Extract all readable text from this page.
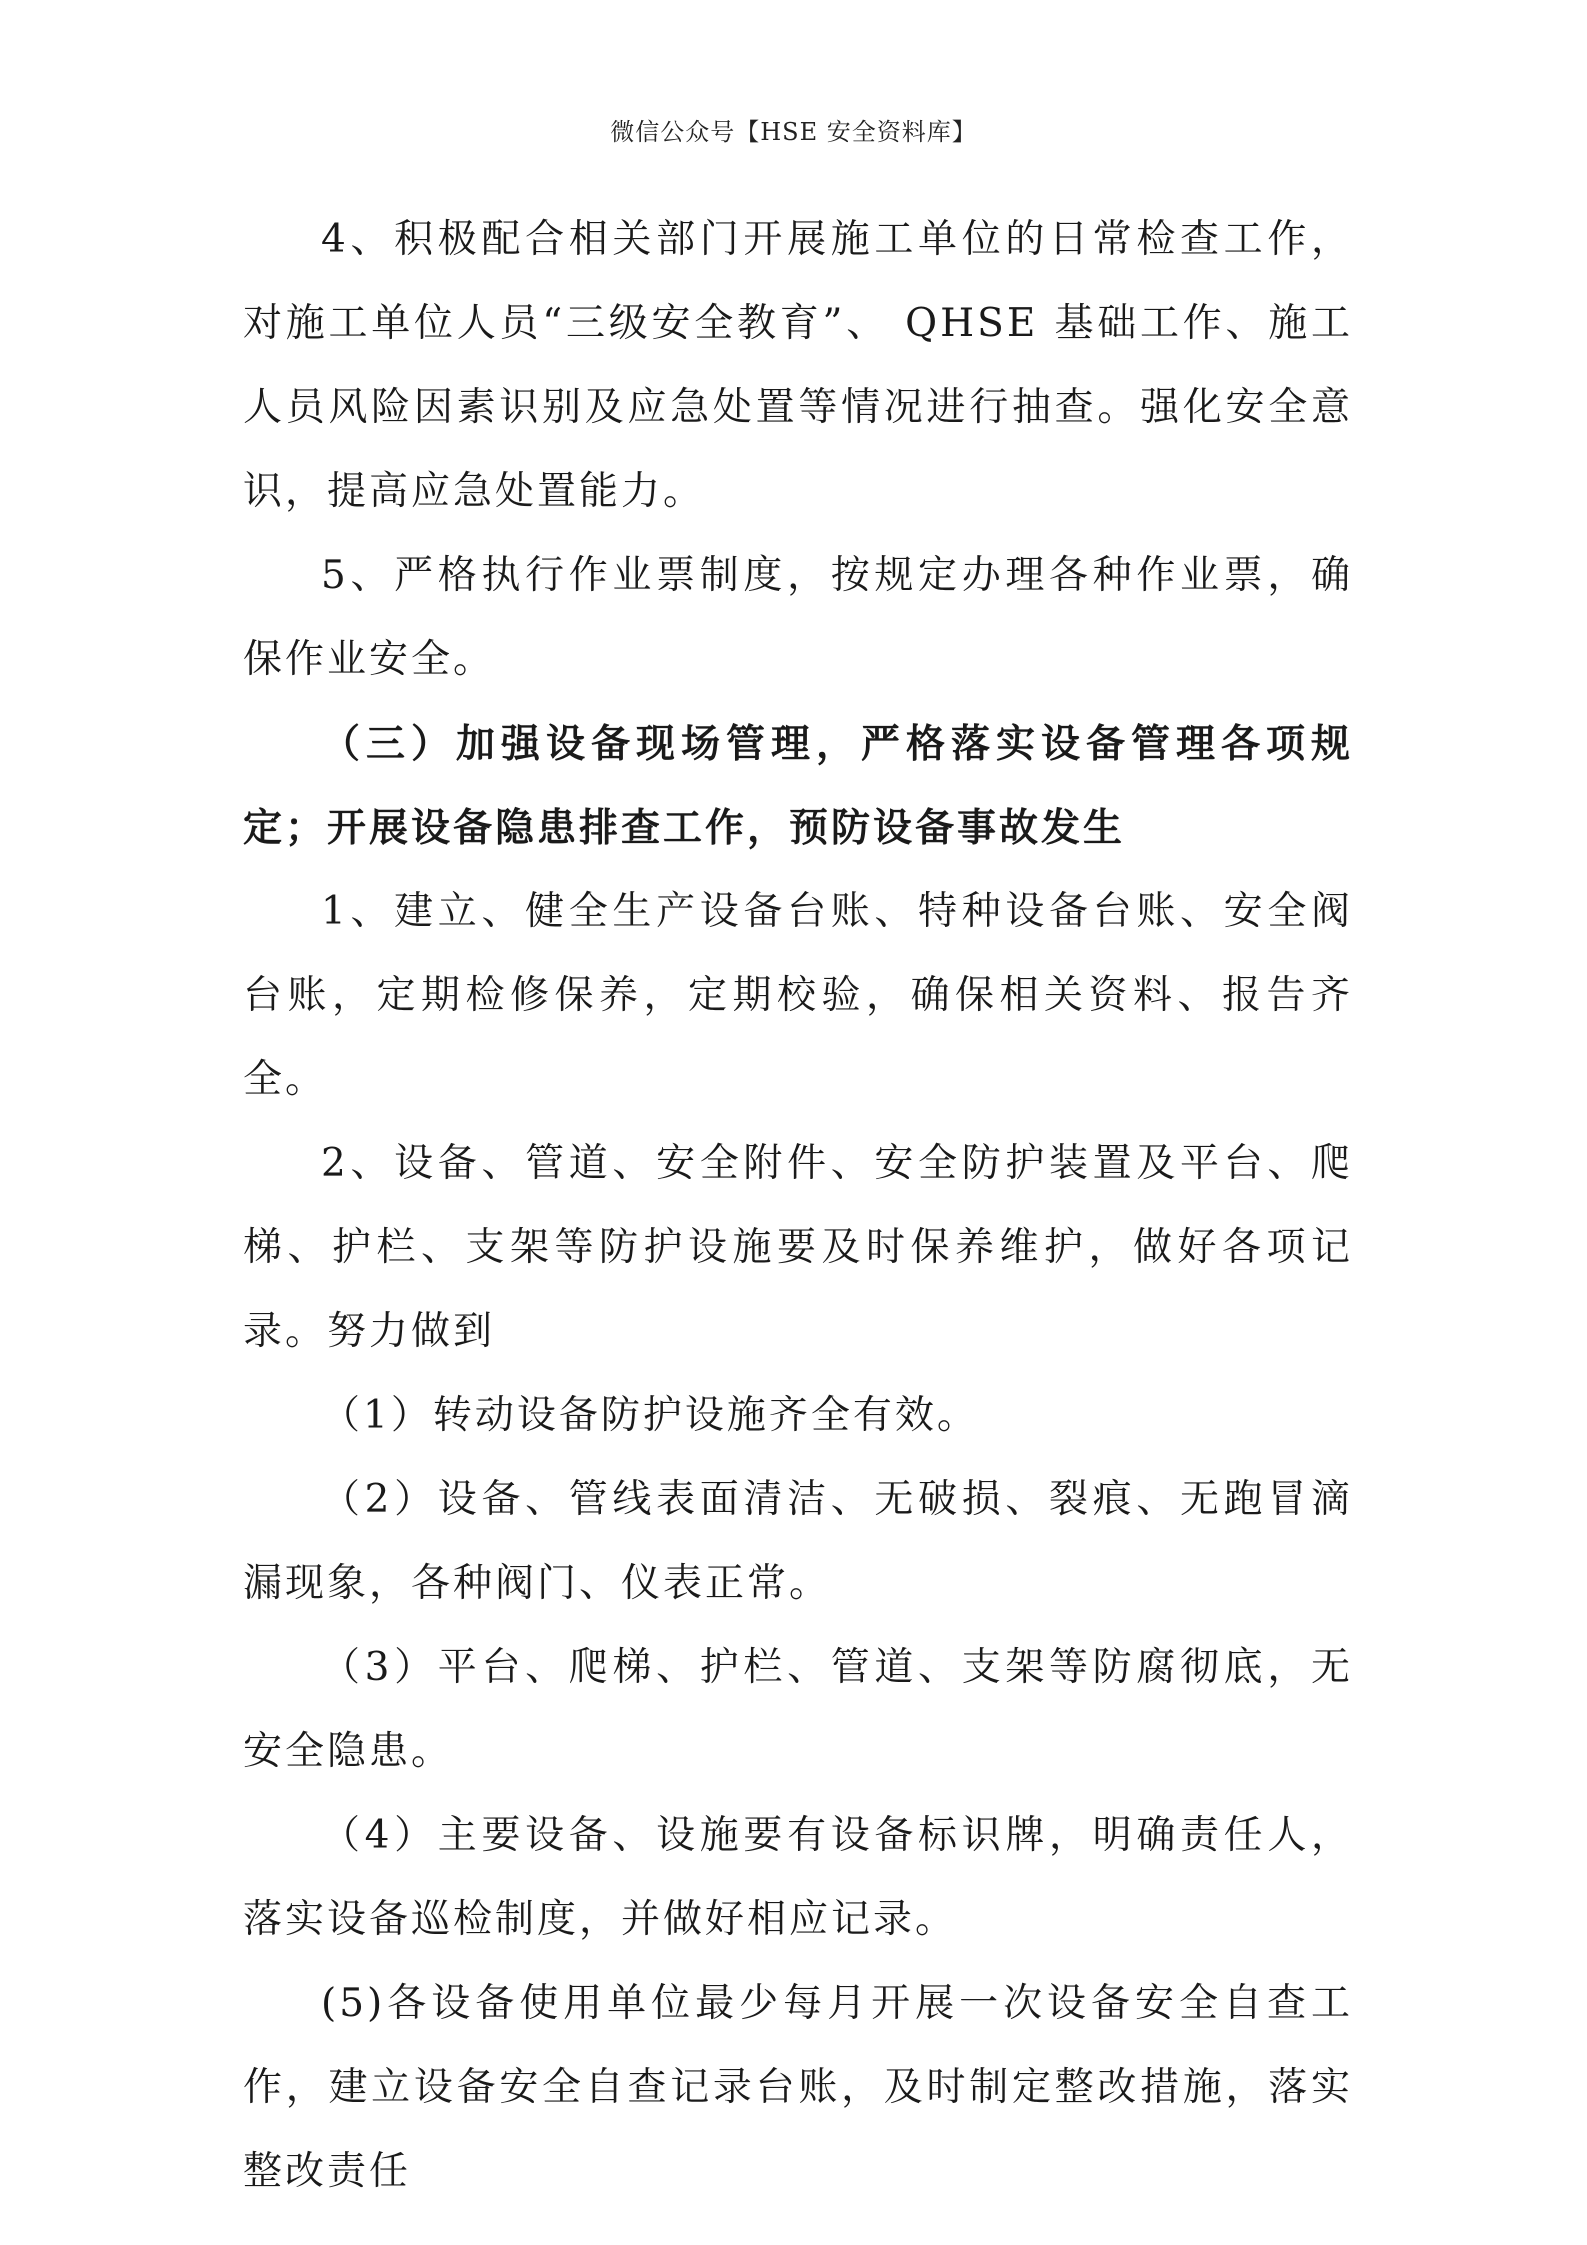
微信公众号【HSE 安全资料库】

4、积极配合相关部门开展施工单位的日常检查工作，对施工单位人员“三级安全教育”、 QHSE 基础工作、施工人员风险因素识别及应急处置等情况进行抽查。强化安全意识，提高应急处置能力。

5、严格执行作业票制度，按规定办理各种作业票，确保作业安全。

（三）加强设备现场管理，严格落实设备管理各项规定；开展设备隐患排查工作，预防设备事故发生

1、建立、健全生产设备台账、特种设备台账、安全阀台账，定期检修保养，定期校验，确保相关资料、报告齐全。

2、设备、管道、安全附件、安全防护装置及平台、爬梯、护栏、支架等防护设施要及时保养维护，做好各项记录。努力做到

（1）转动设备防护设施齐全有效。

（2）设备、管线表面清洁、无破损、裂痕、无跑冒滴漏现象，各种阀门、仪表正常。

（3）平台、爬梯、护栏、管道、支架等防腐彻底，无安全隐患。

（4）主要设备、设施要有设备标识牌，明确责任人，落实设备巡检制度，并做好相应记录。

(5)各设备使用单位最少每月开展一次设备安全自查工作，建立设备安全自查记录台账，及时制定整改措施，落实整改责任
